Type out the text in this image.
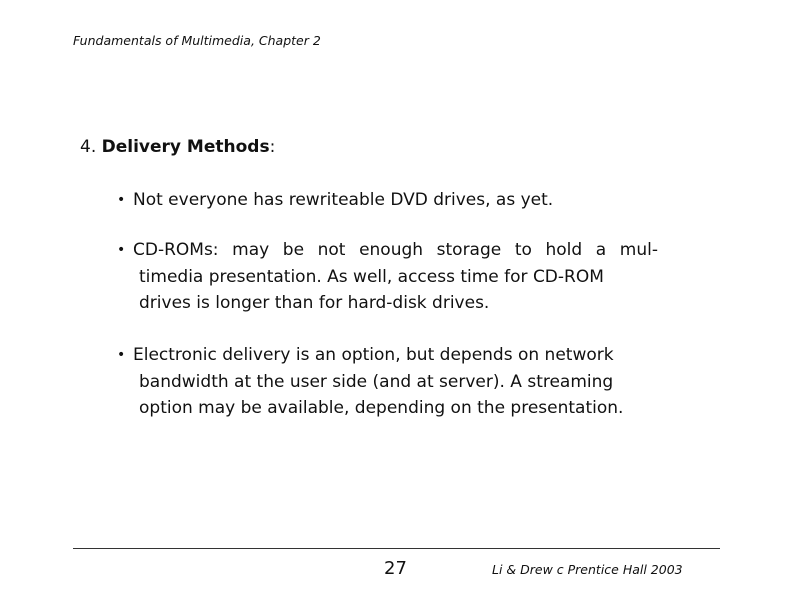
Fundamentals of Multimedia, Chapter 2
4. Delivery Methods:
• Not everyone has rewriteable DVD drives, as yet.
• CD-ROMs: may be not enough storage to hold a mul-
timedia presentation. As well, access time for CD-ROM
drives is longer than for hard-disk drives.
• Electronic delivery is an option, but depends on network
bandwidth at the user side (and at server). A streaming
option may be available, depending on the presentation.
27	Li & Drew c Prentice Hall 2003
